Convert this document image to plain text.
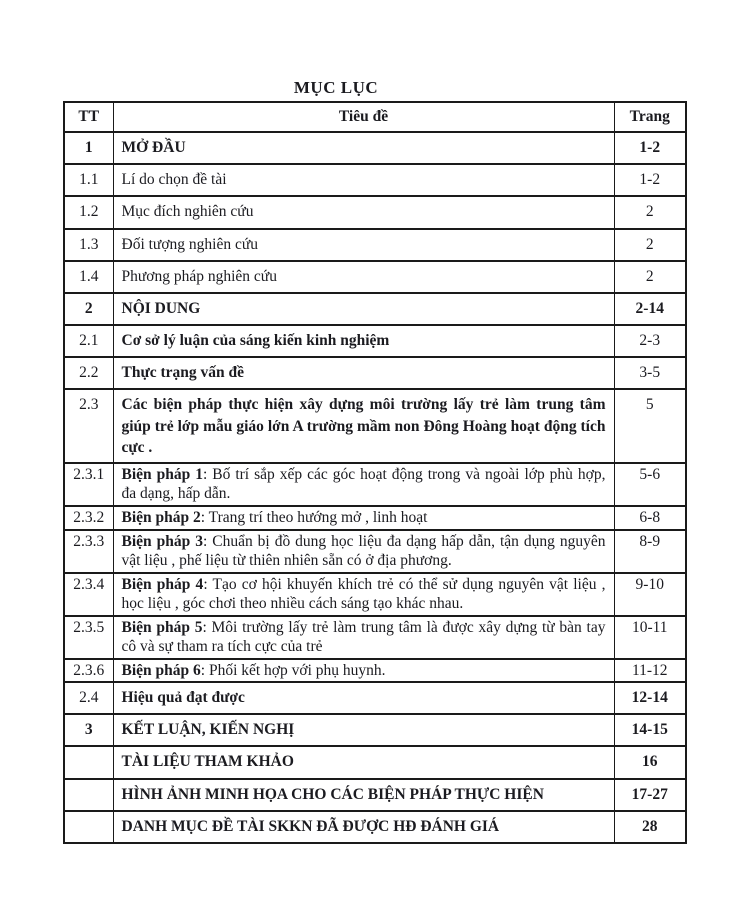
MỤC LỤC
TT	Tiêu đề	Trang
1	MỞ ĐẦU	1-2
1.1	Lí do chọn đề tài	1-2
1.2	Mục đích nghiên cứu	2
1.3	Đối tượng nghiên cứu	2
1.4	Phương pháp nghiên cứu	2
2	NỘI DUNG	2-14
2.1	Cơ sở lý luận của sáng kiến kinh nghiệm	2-3
2.2	Thực trạng vấn đề	3-5
2.3	Các biện pháp thực hiện xây dựng môi trường lấy trẻ làm trung tâm giúp trẻ lớp mẫu giáo lớn A trường mầm non Đông Hoàng hoạt động tích cực .	5
2.3.1	Biện pháp 1: Bố trí sắp xếp các góc hoạt động trong và ngoài lớp phù hợp, đa dạng, hấp dẫn.	5-6
2.3.2	Biện pháp 2: Trang trí theo hướng mở , linh hoạt	6-8
2.3.3	Biện pháp 3: Chuẩn bị đồ dung học liệu đa dạng hấp dẫn, tận dụng nguyên vật liệu , phế liệu từ thiên nhiên sẵn có ở địa phương.	8-9
2.3.4	Biện pháp 4: Tạo cơ hội khuyến khích trẻ có thể sử dụng nguyên vật liệu , học liệu , góc chơi theo nhiều cách sáng tạo khác nhau.	9-10
2.3.5	Biện pháp 5: Môi trường lấy trẻ làm trung tâm là được xây dựng từ bàn tay cô và sự tham ra tích cực của trẻ	10-11
2.3.6	Biện pháp 6: Phối kết hợp với phụ huynh.	11-12
2.4	Hiệu quả đạt được	12-14
3	KẾT LUẬN, KIẾN NGHỊ	14-15
	TÀI LIỆU THAM KHẢO	16
	HÌNH ẢNH MINH HỌA CHO CÁC BIỆN PHÁP THỰC HIỆN	17-27
	DANH MỤC ĐỀ TÀI SKKN ĐÃ ĐƯỢC HĐ ĐÁNH GIÁ	28
